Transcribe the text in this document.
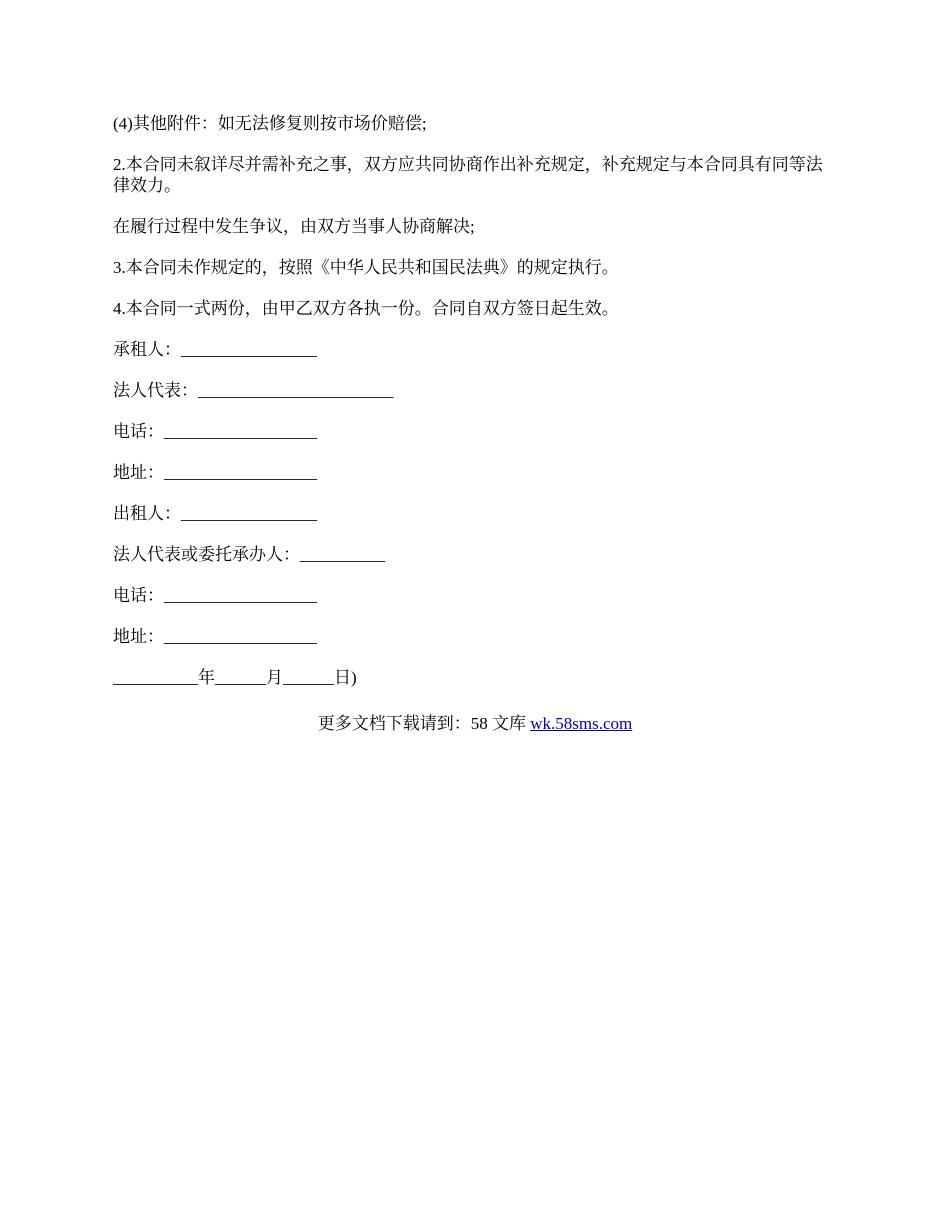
(4)其他附件：如无法修复则按市场价赔偿;

2.本合同未叙详尽并需补充之事，双方应共同协商作出补充规定，补充规定与本合同具有同等法律效力。

在履行过程中发生争议，由双方当事人协商解决;

3.本合同未作规定的，按照《中华人民共和国民法典》的规定执行。

4.本合同一式两份，由甲乙双方各执一份。合同自双方签日起生效。

承租人：________________

法人代表：_______________________

电话：__________________

地址：__________________

出租人：________________

法人代表或委托承办人：__________

电话：__________________

地址：__________________

__________年______月______日)

更多文档下载请到：58 文库 wk.58sms.com
